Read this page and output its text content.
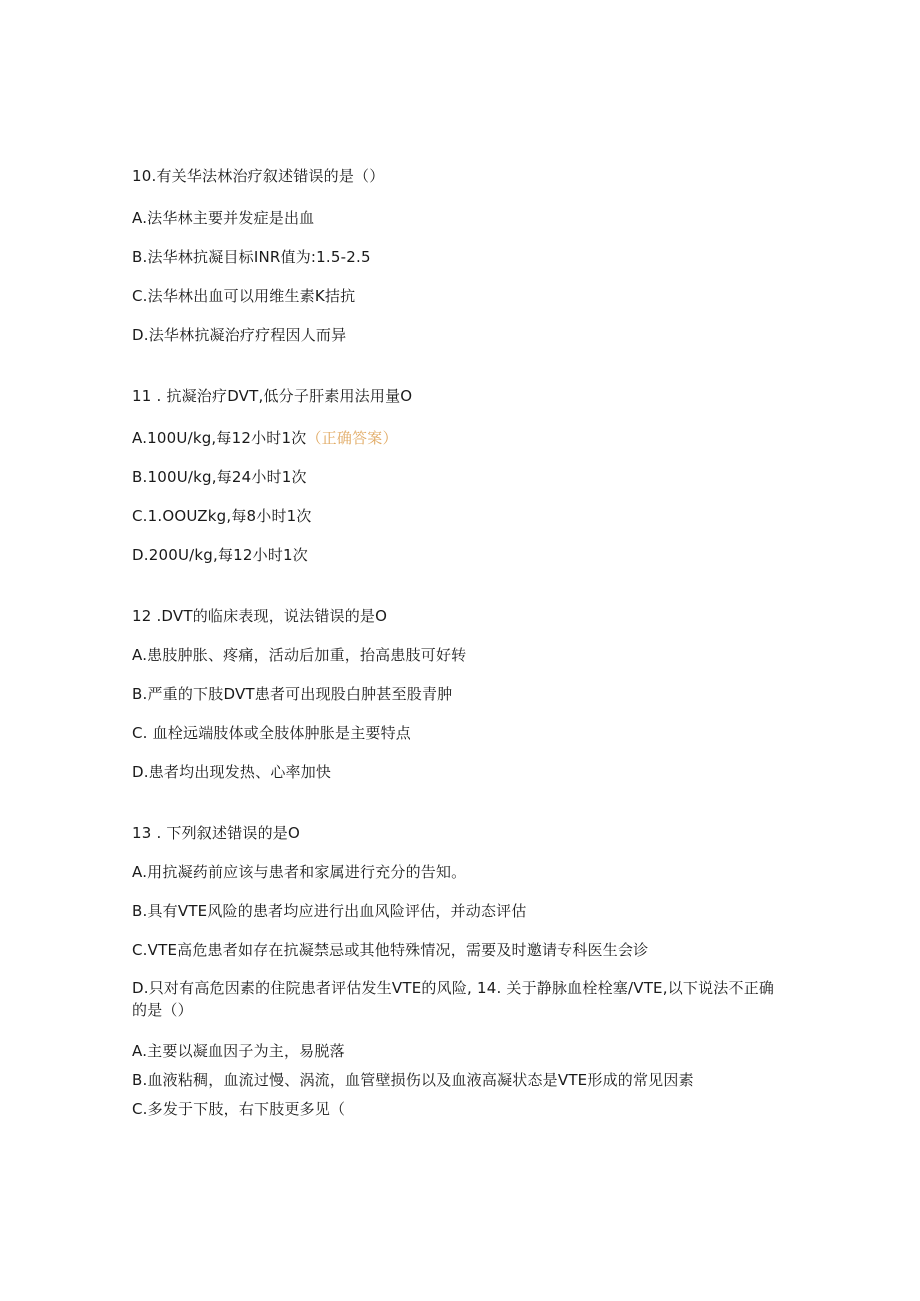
10.有关华法林治疗叙述错误的是（）
A.法华林主要并发症是出血
B.法华林抗凝目标INR值为:1.5-2.5
C.法华林出血可以用维生素K拮抗
D.法华林抗凝治疗疗程因人而异
11 . 抗凝治疗DVT,低分子肝素用法用量O
A.100U∕kg,每12小时1次（正确答案）
B.100U∕kg,每24小时1次
C.1.OOUZkg,每8小时1次
D.200U∕kg,每12小时1次
12 .DVT的临床表现，说法错误的是O
A.患肢肿胀、疼痛，活动后加重，抬高患肢可好转
B.严重的下肢DVT患者可出现股白肿甚至股青肿
C. 血栓远端肢体或全肢体肿胀是主要特点
D.患者均出现发热、心率加快
13 . 下列叙述错误的是O
A.用抗凝药前应该与患者和家属进行充分的告知。
B.具有VTE风险的患者均应进行出血风险评估，并动态评估
C.VTE高危患者如存在抗凝禁忌或其他特殊情况，需要及时邀请专科医生会诊
D.只对有高危因素的住院患者评估发生VTE的风险, 14. 关于静脉血栓栓塞/VTE,以下说法不正确的是（）
A.主要以凝血因子为主，易脱落
B.血液粘稠，血流过慢、涡流，血管壁损伤以及血液高凝状态是VTE形成的常见因素
C.多发于下肢，右下肢更多见（
